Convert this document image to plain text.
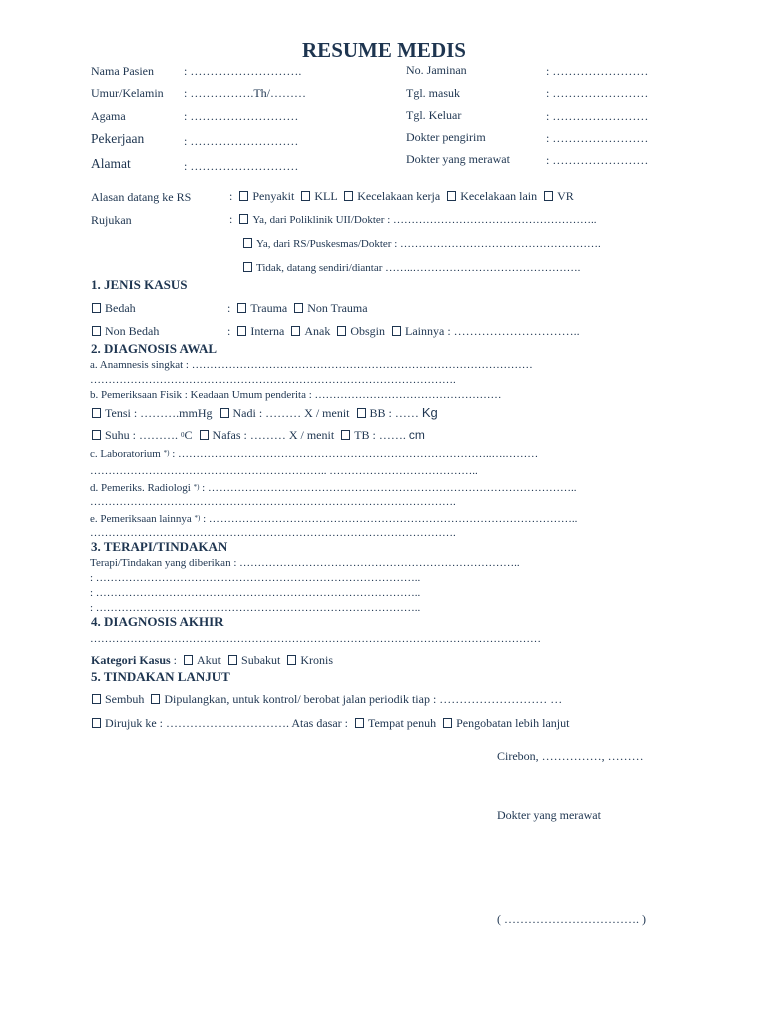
RESUME MEDIS
Nama Pasien	: ……………………….
Umur/Kelamin : …………….Th/………
Agama	: ………………………
Pekerjaan	: ………………………
Alamat	: ………………………
No. Jaminan	: ……………………
Tgl. masuk	: ……………………
Tgl. Keluar	: ……………………
Dokter pengirim	: ……………………
Dokter yang merawat	: ……………………
Alasan datang ke RS	: Penyakit KLL Kecelakaan kerja Kecelakaan lain VR
Rujukan	: Ya, dari Poliklinik UII/Dokter : ………………………………………………..
Ya, dari RS/Puskesmas/Dokter : ……………………………………………….
Tidak, datang sendiri/diantar ……..……………………………………….
1. JENIS KASUS
Bedah	: Trauma Non Trauma
Non Bedah	: Interna Anak Obsgin Lainnya : …………………………..
2. DIAGNOSIS AWAL
a. Anamnesis singkat : …………………………………………………………………………………
……………………………………………………………………………………….
b. Pemeriksaan Fisik : Keadaan Umum penderita : ……………………………………………
Tensi : ……….mmHg Nadi : ……… X / menit BB : …… Kg
Suhu : ………. $^0$C Nafas : ……… X / menit TB : ……. cm
c. Laboratorium *) : …………………………………………………………………………..….………
……………………………………………………….. …………………………………..
d. Pemeriks. Radiologi *) : ………………………………………………………………………………………..
……………………………………………………………………………………….
e. Pemeriksaan lainnya *) : ………………………………………………………………………………………..
……………………………………………………………………………………….
3. TERAPI/TINDAKAN
Terapi/Tindakan yang diberikan : …………………………………………………………………..
: ……………………………………………………………………………..
: ……………………………………………………………………………..
: ……………………………………………………………………………..
4. DIAGNOSIS AKHIR
……………………………………………………………………………………………………………
Kategori Kasus : Akut Subakut Kronis
5. TINDAKAN LANJUT
Sembuh Dipulangkan, untuk kontrol/ berobat jalan periodik tiap : ……………………… …
Dirujuk ke : …………………………. Atas dasar : Tempat penuh Pengobatan lebih lanjut
Cirebon, ……………, ………
Dokter yang merawat
( ……………………………. )
